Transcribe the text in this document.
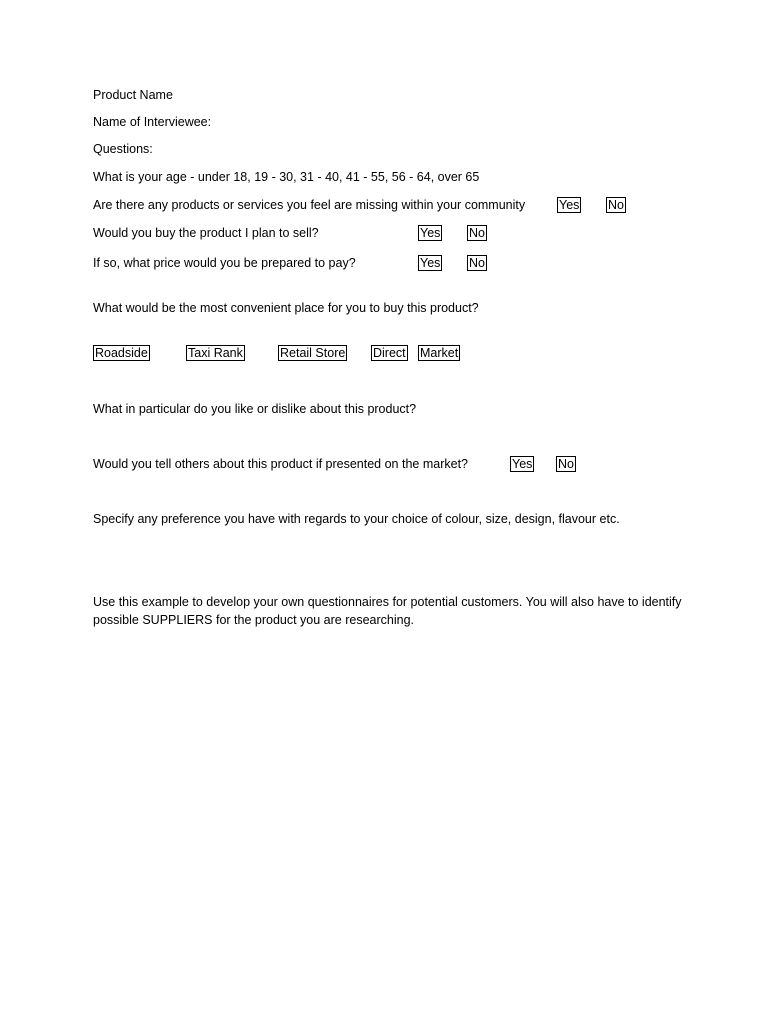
Product Name
Name of Interviewee:
Questions:
What is your age - under 18, 19 - 30, 31 - 40, 41 - 55, 56 - 64, over 65
Are there any products or services you feel are missing within your community	Yes No
Would you buy the product I plan to sell?	Yes No
If so, what price would you be prepared to pay?	Yes No
What would be the most convenient place for you to buy this product?
Roadside	Taxi Rank	Retail Store Direct Market
What in particular do you like or dislike about this product?
Would you tell others about this product if presented on the market?	Yes No
Specify any preference you have with regards to your choice of colour, size, design, flavour etc.
Use this example to develop your own questionnaires for potential customers. You will also have to identify possible SUPPLIERS for the product you are researching.
